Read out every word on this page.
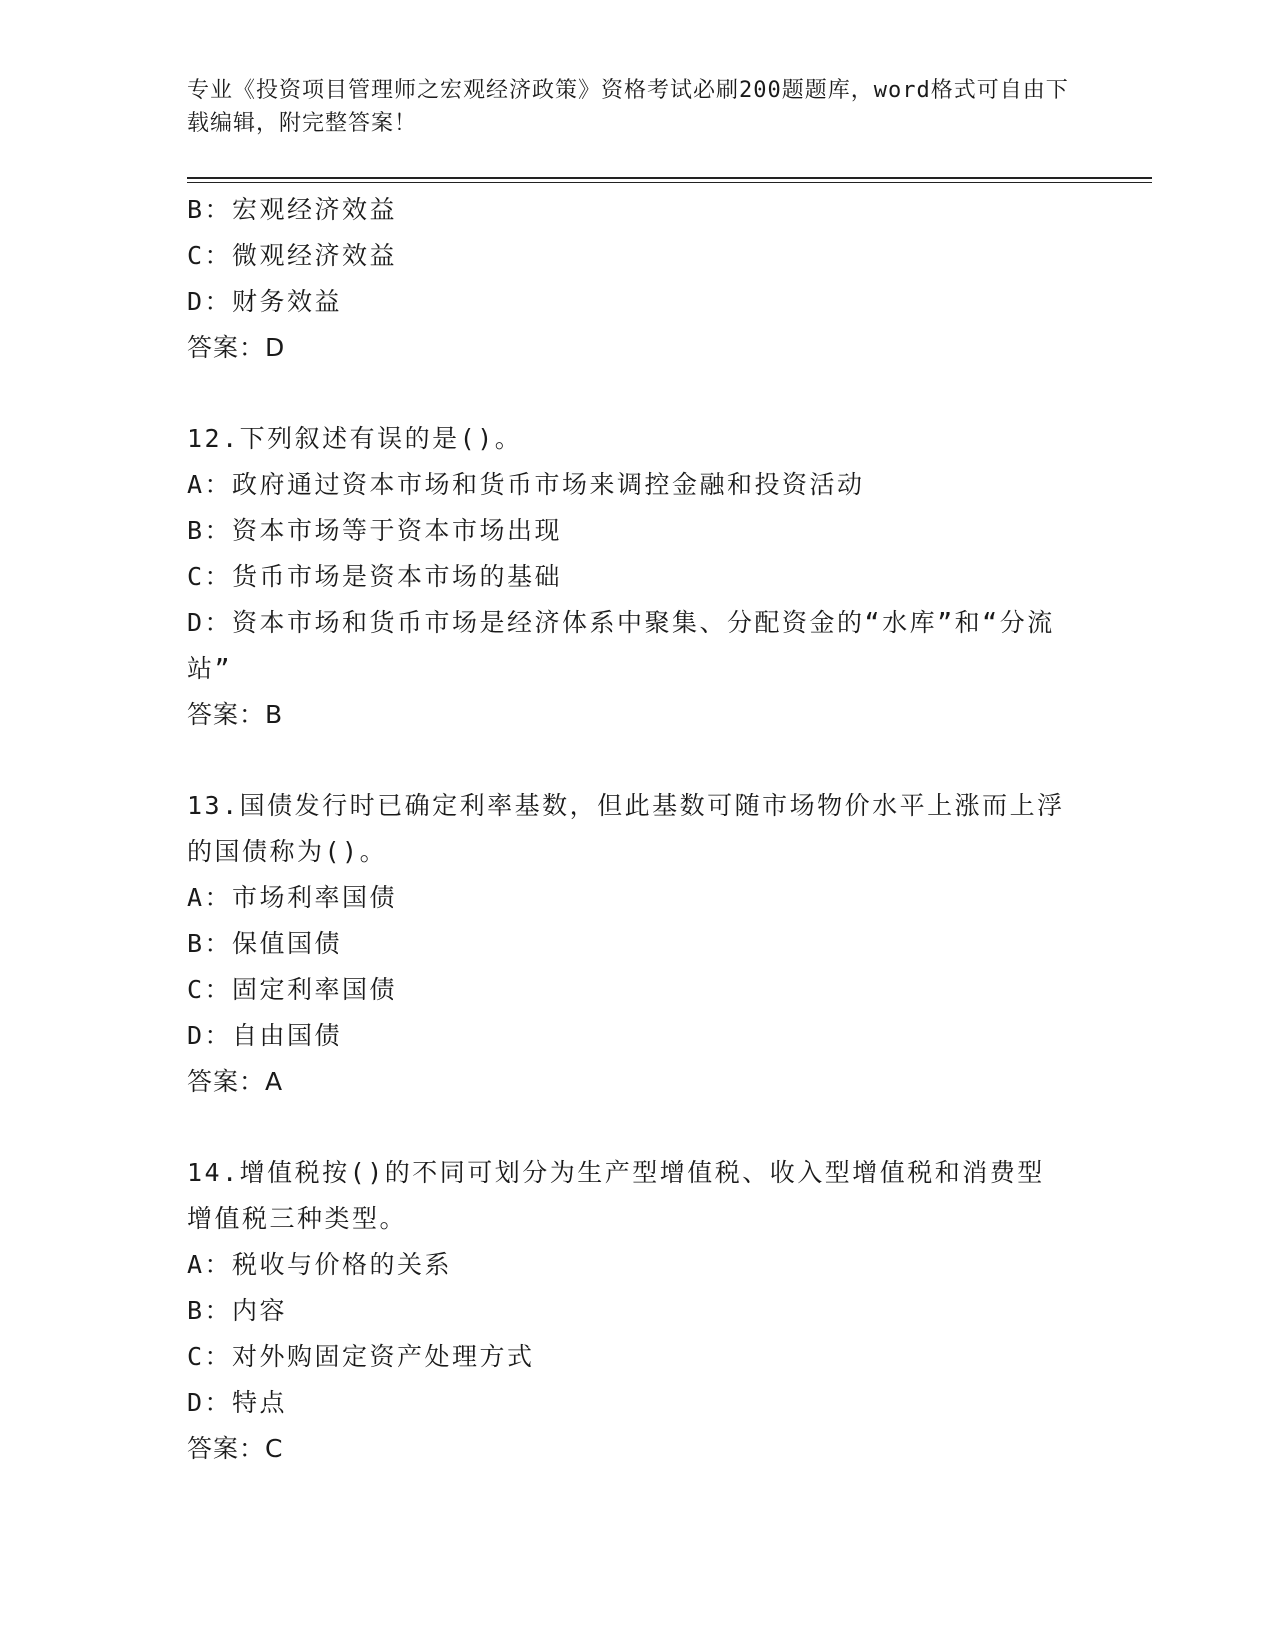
专业《投资项目管理师之宏观经济政策》资格考试必刷200题题库，word格式可自由下载编辑，附完整答案！
B：宏观经济效益
C：微观经济效益
D：财务效益
答案：D
12.下列叙述有误的是()。
A：政府通过资本市场和货币市场来调控金融和投资活动
B：资本市场等于资本市场出现
C：货币市场是资本市场的基础
D：资本市场和货币市场是经济体系中聚集、分配资金的“水库”和“分流站”
答案：B
13.国债发行时已确定利率基数，但此基数可随市场物价水平上涨而上浮的国债称为()。
A：市场利率国债
B：保值国债
C：固定利率国债
D：自由国债
答案：A
14.增值税按()的不同可划分为生产型增值税、收入型增值税和消费型增值税三种类型。
A：税收与价格的关系
B：内容
C：对外购固定资产处理方式
D：特点
答案：C
